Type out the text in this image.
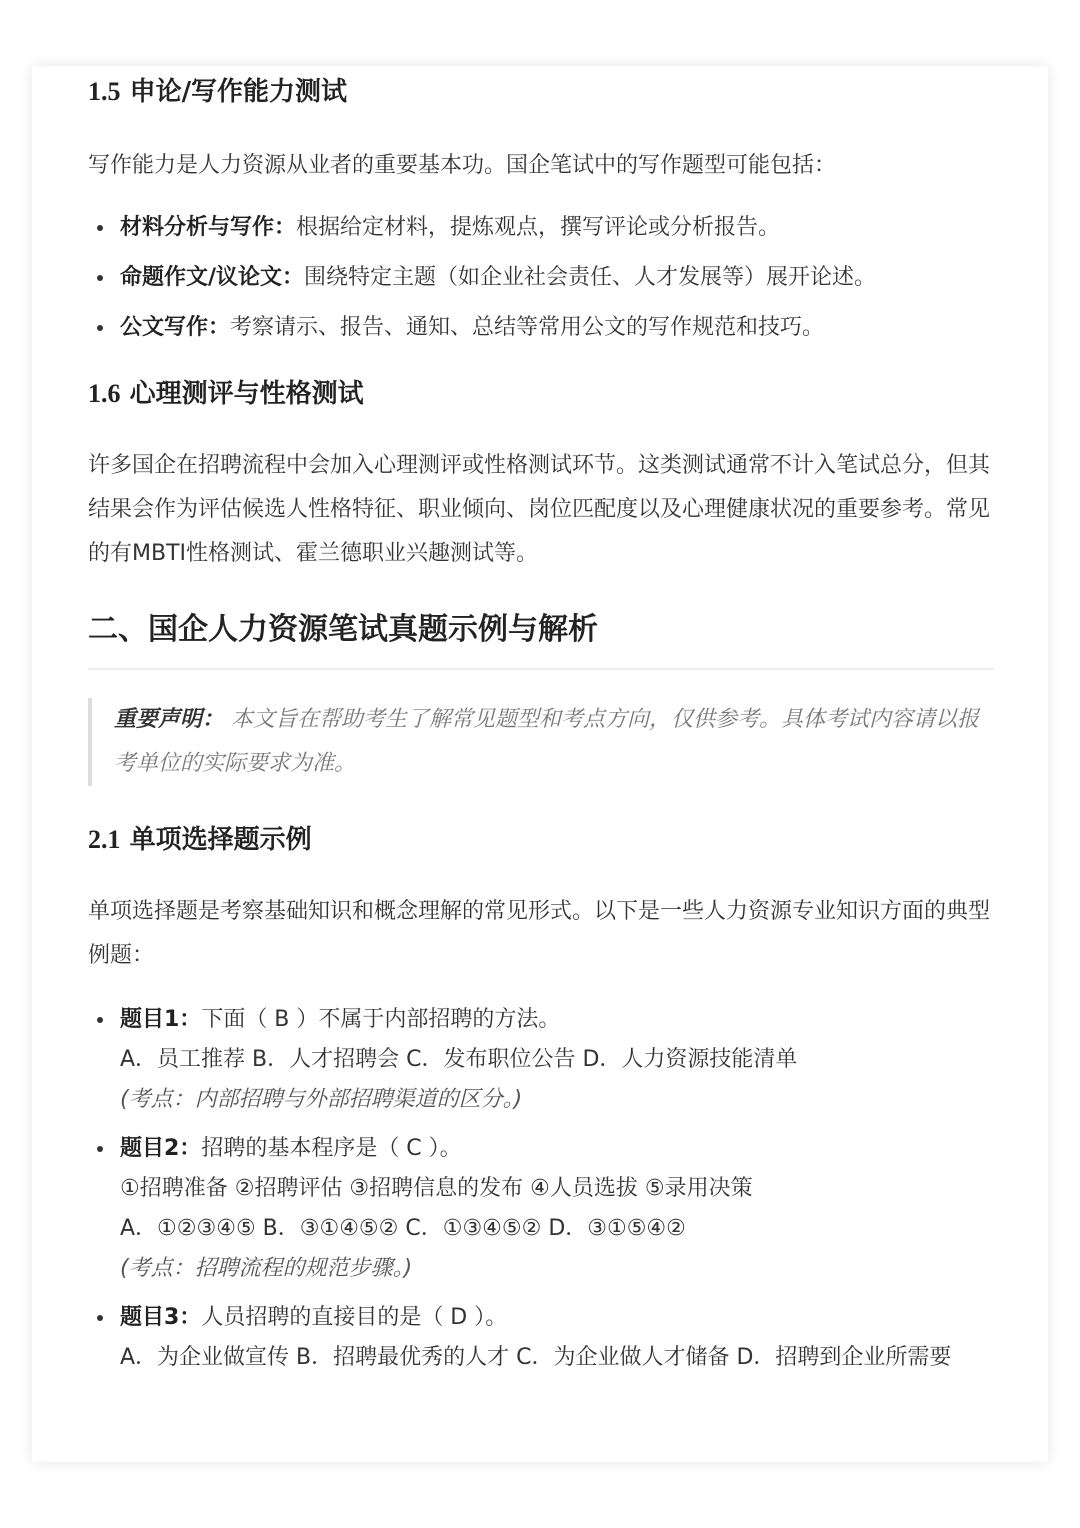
1.5 申论/写作能力测试

写作能力是人力资源从业者的重要基本功。国企笔试中的写作题型可能包括：

材料分析与写作：根据给定材料，提炼观点，撰写评论或分析报告。
命题作文/议论文：围绕特定主题（如企业社会责任、人才发展等）展开论述。
公文写作：考察请示、报告、通知、总结等常用公文的写作规范和技巧。
1.6 心理测评与性格测试

许多国企在招聘流程中会加入心理测评或性格测试环节。这类测试通常不计入笔试总分，但其结果会作为评估候选人性格特征、职业倾向、岗位匹配度以及心理健康状况的重要参考。常见的有MBTI性格测试、霍兰德职业兴趣测试等。

二、国企人力资源笔试真题示例与解析
重要声明： 本文旨在帮助考生了解常见题型和考点方向，仅供参考。具体考试内容请以报考单位的实际要求为准。
2.1 单项选择题示例

单项选择题是考察基础知识和概念理解的常见形式。以下是一些人力资源专业知识方面的典型例题：

题目1：下面（ B ）不属于内部招聘的方法。
A．员工推荐 B．人才招聘会 C．发布职位公告 D．人力资源技能清单
(考点：内部招聘与外部招聘渠道的区分。)
题目2：招聘的基本程序是（ C ）。
①招聘准备 ②招聘评估 ③招聘信息的发布 ④人员选拔 ⑤录用决策
A．①②③④⑤ B．③①④⑤② C．①③④⑤② D．③①⑤④②
(考点：招聘流程的规范步骤。)
题目3：人员招聘的直接目的是（ D ）。
A．为企业做宣传 B．招聘最优秀的人才 C．为企业做人才储备 D．招聘到企业所需要
